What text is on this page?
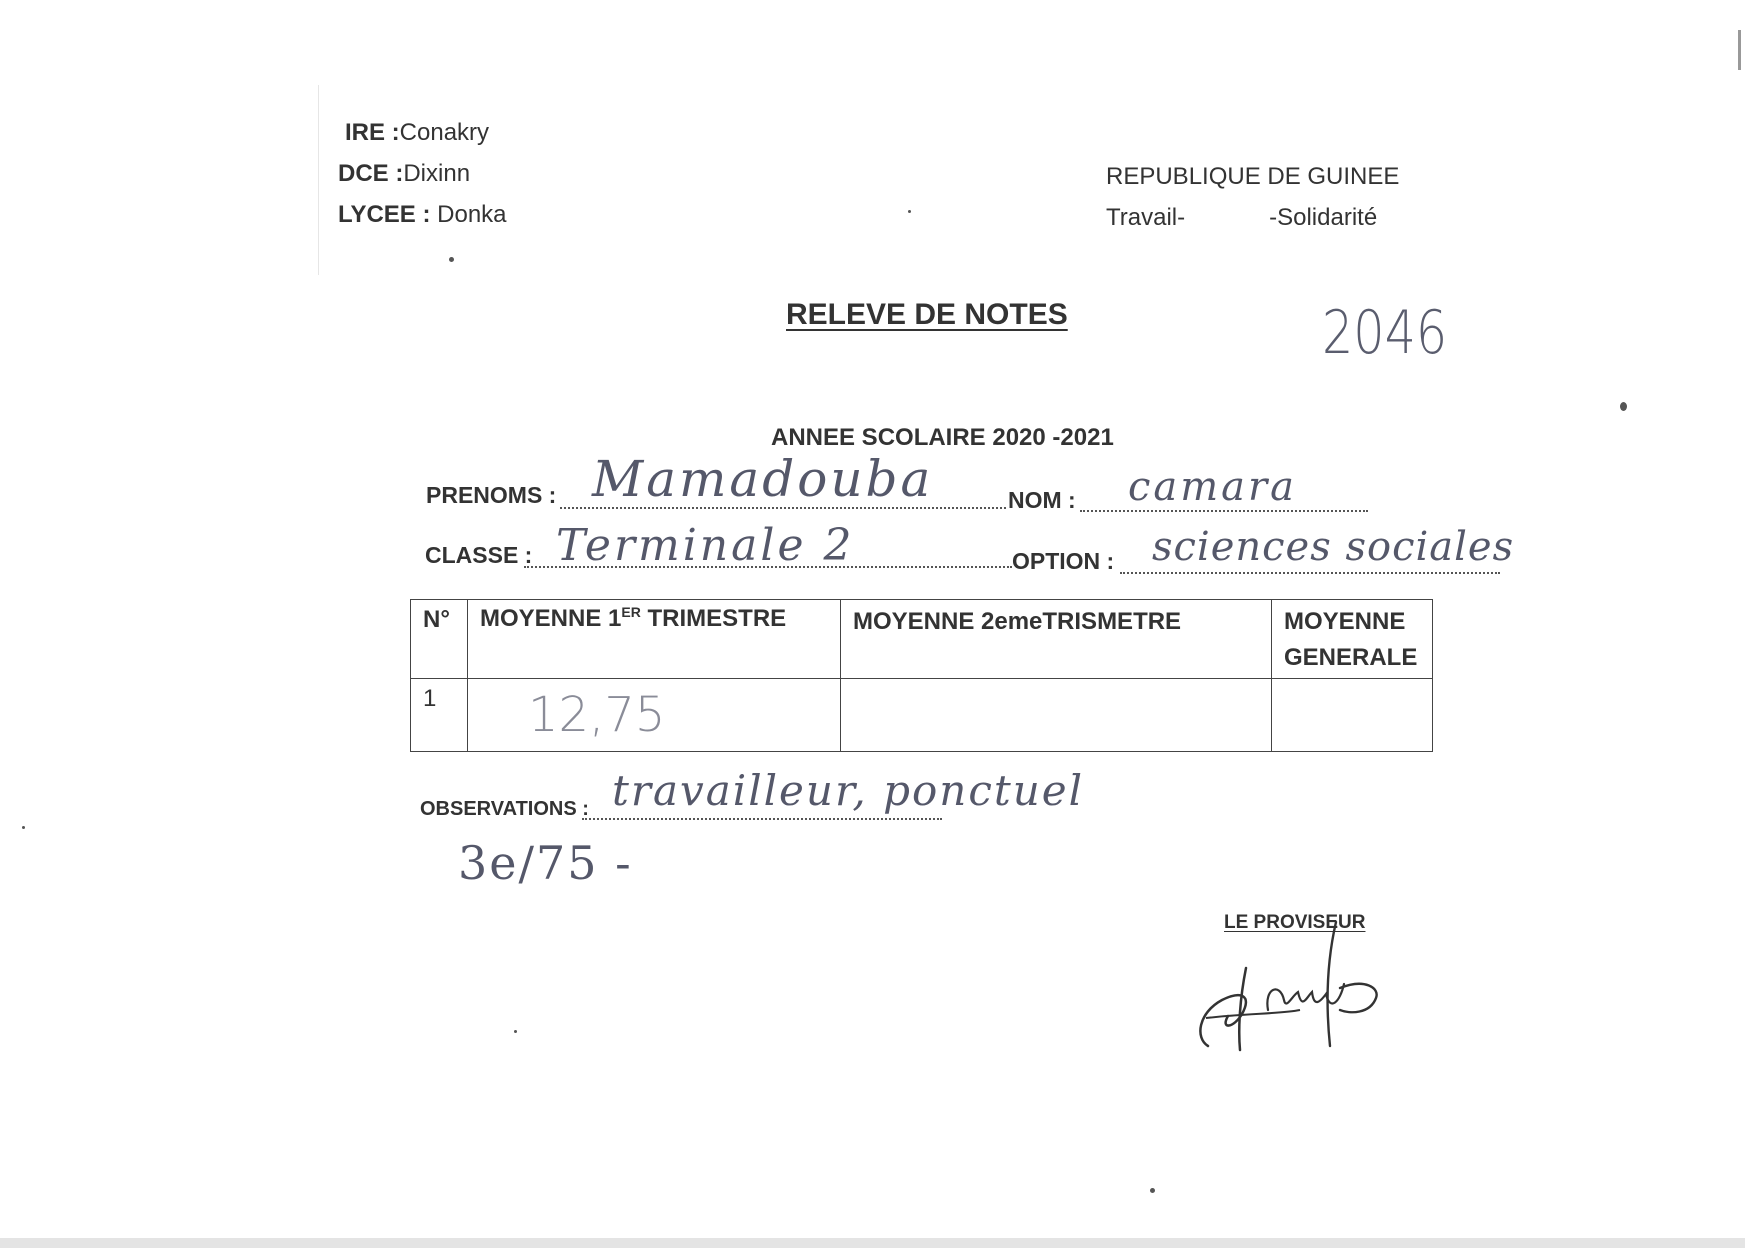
IRE :Conakry
DCE :Dixinn
LYCEE : Donka
REPUBLIQUE DE GUINEE
Travail-	-Solidarité
RELEVE DE NOTES	2046
ANNEE SCOLAIRE 2020 -2021
PRENOMS : Mamadouba	NOM : camara
CLASSE : Terminale 2	OPTION : sciences sociales
N°	MOYENNE 1ER TRIMESTRE	MOYENNE 2emeTRISMETRE	MOYENNE
GENERALE

1	12,75		

OBSERVATIONS : travailleur, ponctuel
3e/75 -
LE PROVISEUR
